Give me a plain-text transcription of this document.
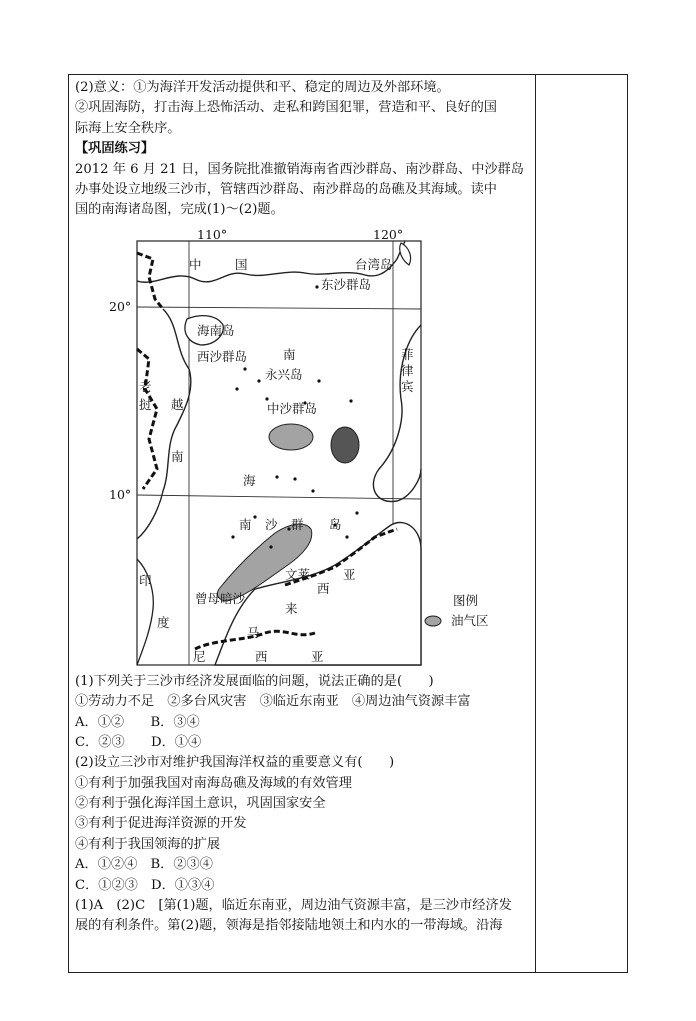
(2)意义：①为海洋开发活动提供和平、稳定的周边及外部环境。
②巩固海防，打击海上恐怖活动、走私和跨国犯罪，营造和平、良好的国
际海上安全秩序。
【巩固练习】
2012 年 6 月 21 日，国务院批准撤销海南省西沙群岛、南沙群岛、中沙群岛
办事处设立地级三沙市，管辖西沙群岛、南沙群岛的岛礁及其海域。读中
国的南海诸岛图，完成(1)～(2)题。
110°	120°
20°
10°
中	国	台湾岛
东沙群岛
海南岛
西沙群岛	南
永兴岛
中沙群岛
老
挝 越
南
海
南 沙 群 岛
菲
律
宾
文莱	亚
西
来
曾母暗沙
印
度
马
尼	西	亚
图例
油气区
(1)下列关于三沙市经济发展面临的问题，说法正确的是(　　)
①劳动力不足　②多台风灾害　③临近东南亚　④周边油气资源丰富
A．①②　　B．③④
C．②③　　D．①④
(2)设立三沙市对维护我国海洋权益的重要意义有(　　)
①有利于加强我国对南海岛礁及海域的有效管理
②有利于强化海洋国土意识，巩固国家安全
③有利于促进海洋资源的开发
④有利于我国领海的扩展
A．①②④　B．②③④
C．①②③　D．①③④
(1)A　(2)C　[第(1)题，临近东南亚，周边油气资源丰富，是三沙市经济发
展的有利条件。第(2)题，领海是指邻接陆地领土和内水的一带海域。沿海
